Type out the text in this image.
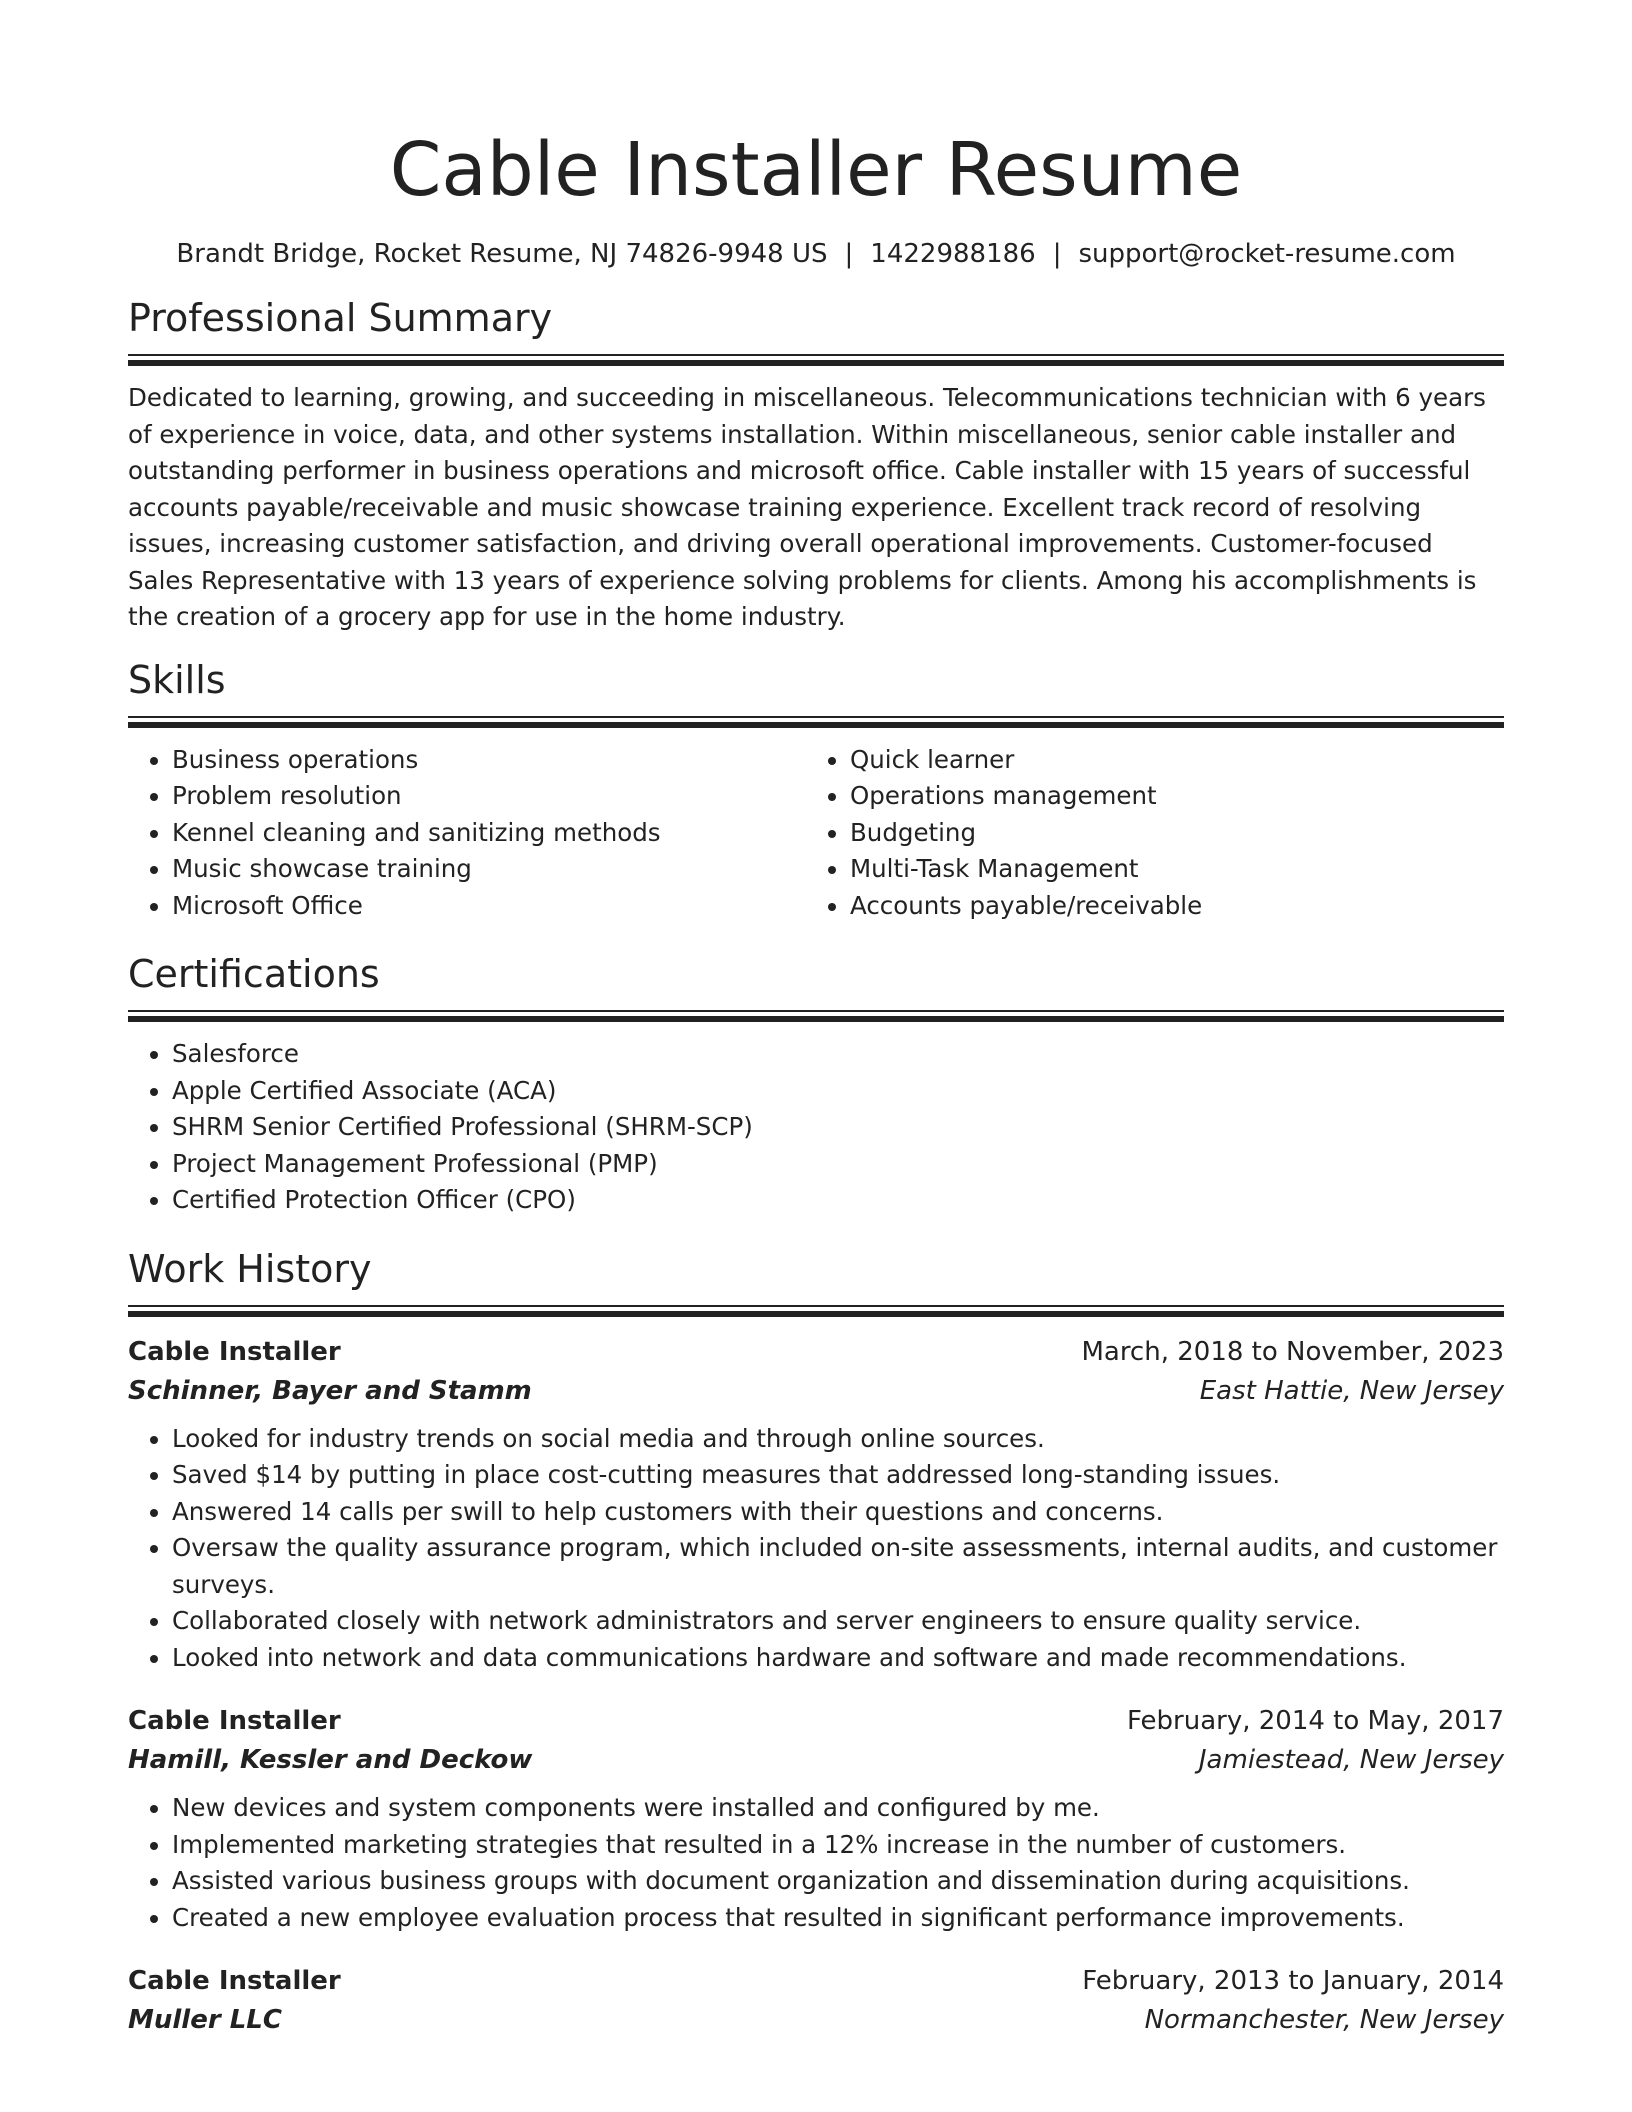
Cable Installer Resume
Brandt Bridge, Rocket Resume, NJ 74826-9948 US | 1422988186 | support@rocket-resume.com
Professional Summary

Dedicated to learning, growing, and succeeding in miscellaneous. Telecommunications technician with 6 years of experience in voice, data, and other systems installation. Within miscellaneous, senior cable installer and outstanding performer in business operations and microsoft office. Cable installer with 15 years of successful accounts payable/receivable and music showcase training experience. Excellent track record of resolving issues, increasing customer satisfaction, and driving overall operational improvements. Customer-focused Sales Representative with 13 years of experience solving problems for clients. Among his accomplishments is the creation of a grocery app for use in the home industry.

Skills
• Business operations
• Problem resolution
• Kennel cleaning and sanitizing methods
• Music showcase training
• Microsoft Office
• Quick learner
• Operations management
• Budgeting
• Multi-Task Management
• Accounts payable/receivable
Certifications
• Salesforce
• Apple Certified Associate (ACA)
• SHRM Senior Certified Professional (SHRM-SCP)
• Project Management Professional (PMP)
• Certified Protection Officer (CPO)
Work History
Cable Installer	March, 2018 to November, 2023
Schinner, Bayer and Stamm	East Hattie, New Jersey
• Looked for industry trends on social media and through online sources.
• Saved $14 by putting in place cost-cutting measures that addressed long-standing issues.
• Answered 14 calls per swill to help customers with their questions and concerns.
• Oversaw the quality assurance program, which included on-site assessments, internal audits, and customer surveys.
• Collaborated closely with network administrators and server engineers to ensure quality service.
• Looked into network and data communications hardware and software and made recommendations.
Cable Installer	February, 2014 to May, 2017
Hamill, Kessler and Deckow	Jamiestead, New Jersey
• New devices and system components were installed and configured by me.
• Implemented marketing strategies that resulted in a 12% increase in the number of customers.
• Assisted various business groups with document organization and dissemination during acquisitions.
• Created a new employee evaluation process that resulted in significant performance improvements.
Cable Installer	February, 2013 to January, 2014
Muller LLC	Normanchester, New Jersey
